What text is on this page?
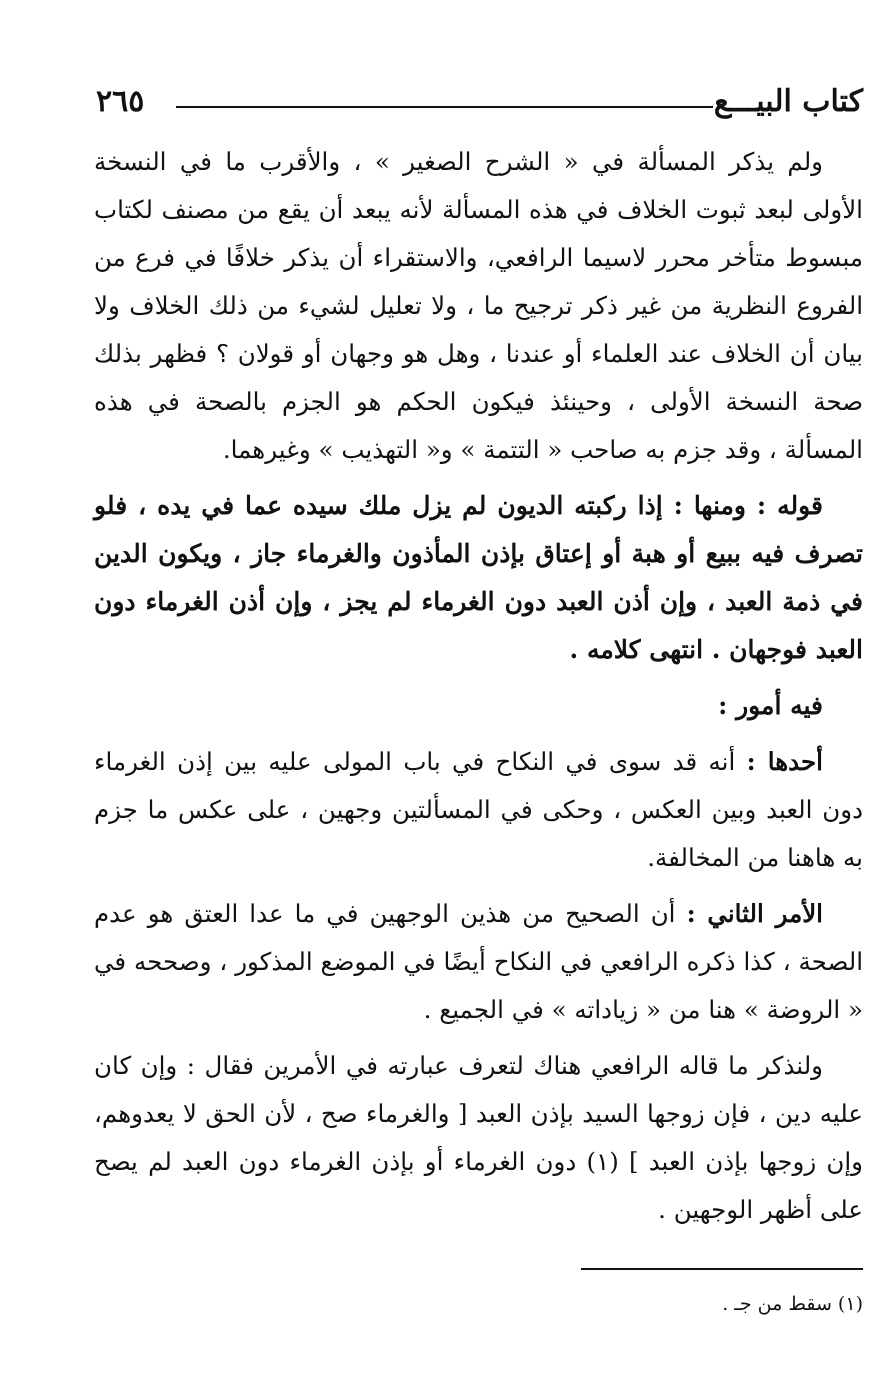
كتاب البيـــع
٢٦٥

ولم يذكر المسألة في « الشرح الصغير » ، والأقرب ما في النسخة الأولى لبعد ثبوت الخلاف في هذه المسألة لأنه يبعد أن يقع من مصنف لكتاب مبسوط متأخر محرر لاسيما الرافعي، والاستقراء أن يذكر خلافًا في فرع من الفروع النظرية من غير ذكر ترجيح ما ، ولا تعليل لشيء من ذلك الخلاف ولا بيان أن الخلاف عند العلماء أو عندنا ، وهل هو وجهان أو قولان ؟ فظهر بذلك صحة النسخة الأولى ، وحينئذ فيكون الحكم هو الجزم بالصحة في هذه المسألة ، وقد جزم به صاحب « التتمة » و« التهذيب » وغيرهما.

قوله : ومنها : إذا ركبته الديون لم يزل ملك سيده عما في يده ، فلو تصرف فيه ببيع أو هبة أو إعتاق بإذن المأذون والغرماء جاز ، ويكون الدين في ذمة العبد ، وإن أذن العبد دون الغرماء لم يجز ، وإن أذن الغرماء دون العبد فوجهان . انتهى كلامه .

فيه أمور :

أحدها : أنه قد سوى في النكاح في باب المولى عليه بين إذن الغرماء دون العبد وبين العكس ، وحكى في المسألتين وجهين ، على عكس ما جزم به هاهنا من المخالفة.

الأمر الثاني : أن الصحيح من هذين الوجهين في ما عدا العتق هو عدم الصحة ، كذا ذكره الرافعي في النكاح أيضًا في الموضع المذكور ، وصححه في « الروضة » هنا من « زياداته » في الجميع .

ولنذكر ما قاله الرافعي هناك لتعرف عبارته في الأمرين فقال : وإن كان عليه دين ، فإن زوجها السيد بإذن العبد [ والغرماء صح ، لأن الحق لا يعدوهم، وإن زوجها بإذن العبد ] (١) دون الغرماء أو بإذن الغرماء دون العبد لم يصح على أظهر الوجهين .

(١) سقط من جـ .
